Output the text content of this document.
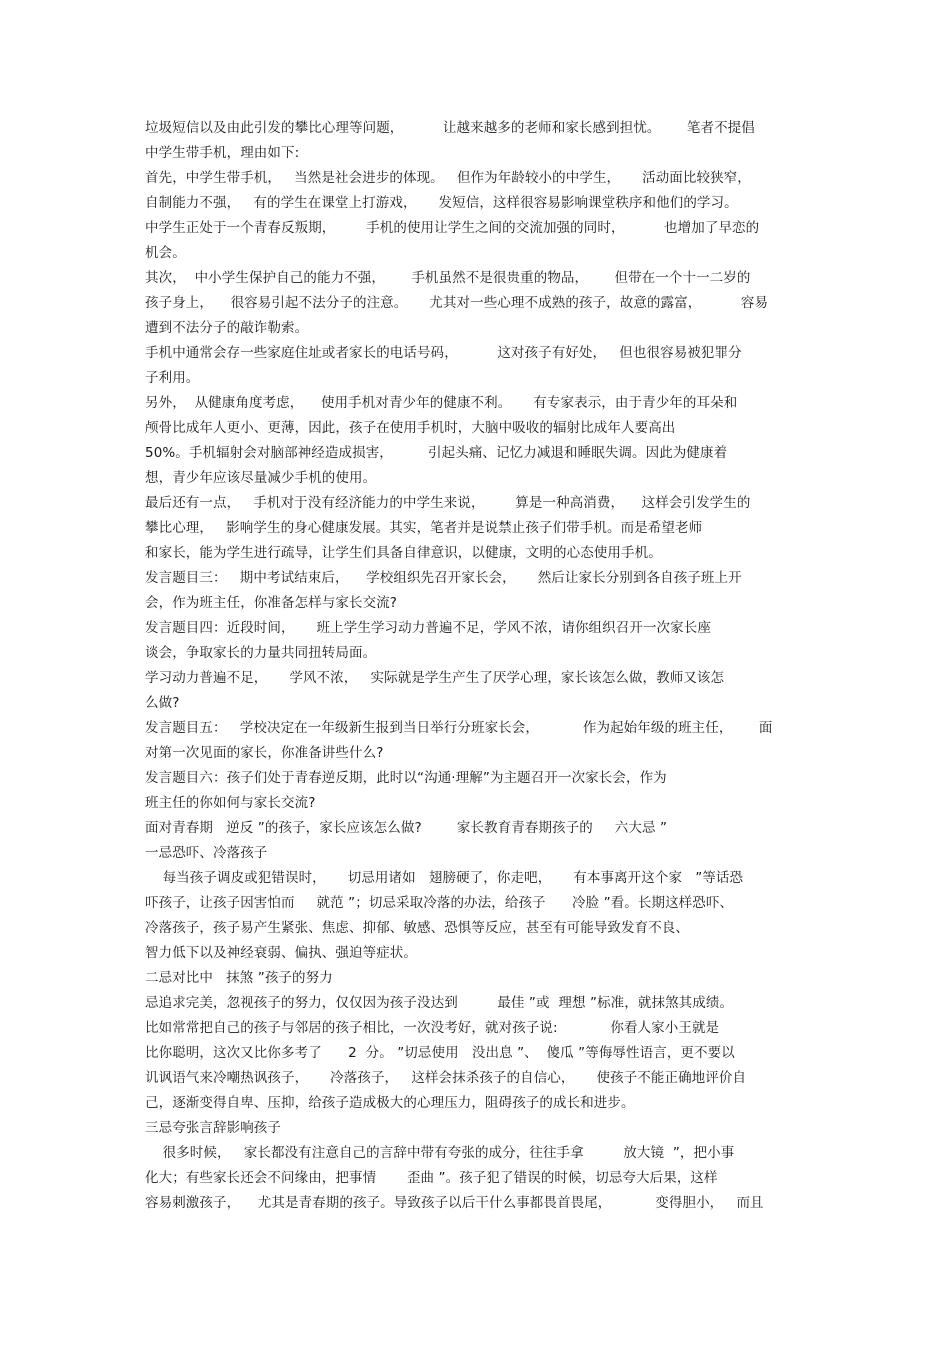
垃圾短信以及由此引发的攀比心理等问题，         让越来越多的老师和家长感到担忧。      笔者不提倡
中学生带手机，理由如下:
首先，中学生带手机，   当然是社会进步的体现。   但作为年龄较小的中学生，     活动面比较狭窄，
自制能力不强，   有的学生在课堂上打游戏，     发短信，这样很容易影响课堂秩序和他们的学习。
中学生正处于一个青春反叛期，       手机的使用让学生之间的交流加强的同时，         也增加了早恋的
机会。
其次，  中小学生保护自己的能力不强，      手机虽然不是很贵重的物品，      但带在一个十一二岁的
孩子身上，    很容易引起不法分子的注意。     尤其对一些心理不成熟的孩子，故意的露富，         容易
遭到不法分子的敲诈勒索。
手机中通常会存一些家庭住址或者家长的电话号码，         这对孩子有好处，   但也很容易被犯罪分
子利用。
另外，  从健康角度考虑，    使用手机对青少年的健康不利。     有专家表示，由于青少年的耳朵和
颅骨比成年人更小、更薄，因此，孩子在使用手机时，大脑中吸收的辐射比成年人要高出
50%。手机辐射会对脑部神经造成损害，        引起头痛、记忆力减退和睡眠失调。因此为健康着
想，青少年应该尽量减少手机的使用。
最后还有一点，   手机对于没有经济能力的中学生来说，       算是一种高消费，    这样会引发学生的
攀比心理，   影响学生的身心健康发展。其实，笔者并是说禁止孩子们带手机。而是希望老师
和家长，能为学生进行疏导，让学生们具备自律意识，以健康，文明的心态使用手机。
发言题目三：   期中考试结束后，    学校组织先召开家长会，     然后让家长分别到各自孩子班上开
会，作为班主任，你准备怎样与家长交流?
发言题目四：近段时间，     班上学生学习动力普遍不足，学风不浓，请你组织召开一次家长座
谈会，争取家长的力量共同扭转局面。
学习动力普遍不足，     学风不浓，   实际就是学生产生了厌学心理，家长该怎么做，教师又该怎
么做?
发言题目五：   学校决定在一年级新生报到当日举行分班家长会，          作为起始年级的班主任，      面
对第一次见面的家长，你准备讲些什么?
发言题目六：孩子们处于青春逆反期，此时以“沟通·理解”为主题召开一次家长会，作为
班主任的你如何与家长交流?
面对青春期   逆反 ”的孩子，家长应该怎么做?        家长教育青春期孩子的     六大忌 ”
一忌恐吓、冷落孩子
每当孩子调皮或犯错误时，     切忌用诸如   翅膀硬了，你走吧，     有本事离开这个家   ”等话恐
吓孩子，让孩子因害怕而     就范 ”；切忌采取冷落的办法，给孩子      冷脸 ”看。长期这样恐吓、
冷落孩子，孩子易产生紧张、焦虑、抑郁、敏感、恐惧等反应，甚至有可能导致发育不良、
智力低下以及神经衰弱、偏执、强迫等症状。
二忌对比中   抹煞 ”孩子的努力
忌追求完美，忽视孩子的努力，仅仅因为孩子没达到         最佳 ”或  理想 ”标准，就抹煞其成绩。
比如常常把自己的孩子与邻居的孩子相比，一次没考好，就对孩子说:            你看人家小王就是
比你聪明，这次又比你多考了      2  分。 ”切忌使用   没出息 ”、  傻瓜 ”等侮辱性语言，更不要以
讥讽语气来冷嘲热讽孩子，     冷落孩子，   这样会抹杀孩子的自信心，     使孩子不能正确地评价自
己，逐渐变得自卑、压抑，给孩子造成极大的心理压力，阻碍孩子的成长和进步。
三忌夸张言辞影响孩子
很多时候，   家长都没有注意自己的言辞中带有夸张的成分，往往手拿         放大镜  ”，把小事
化大；有些家长还会不问缘由，把事情       歪曲 ”。孩子犯了错误的时候，切忌夸大后果，这样
容易刺激孩子，    尤其是青春期的孩子。导致孩子以后干什么事都畏首畏尾，          变得胆小，   而且
